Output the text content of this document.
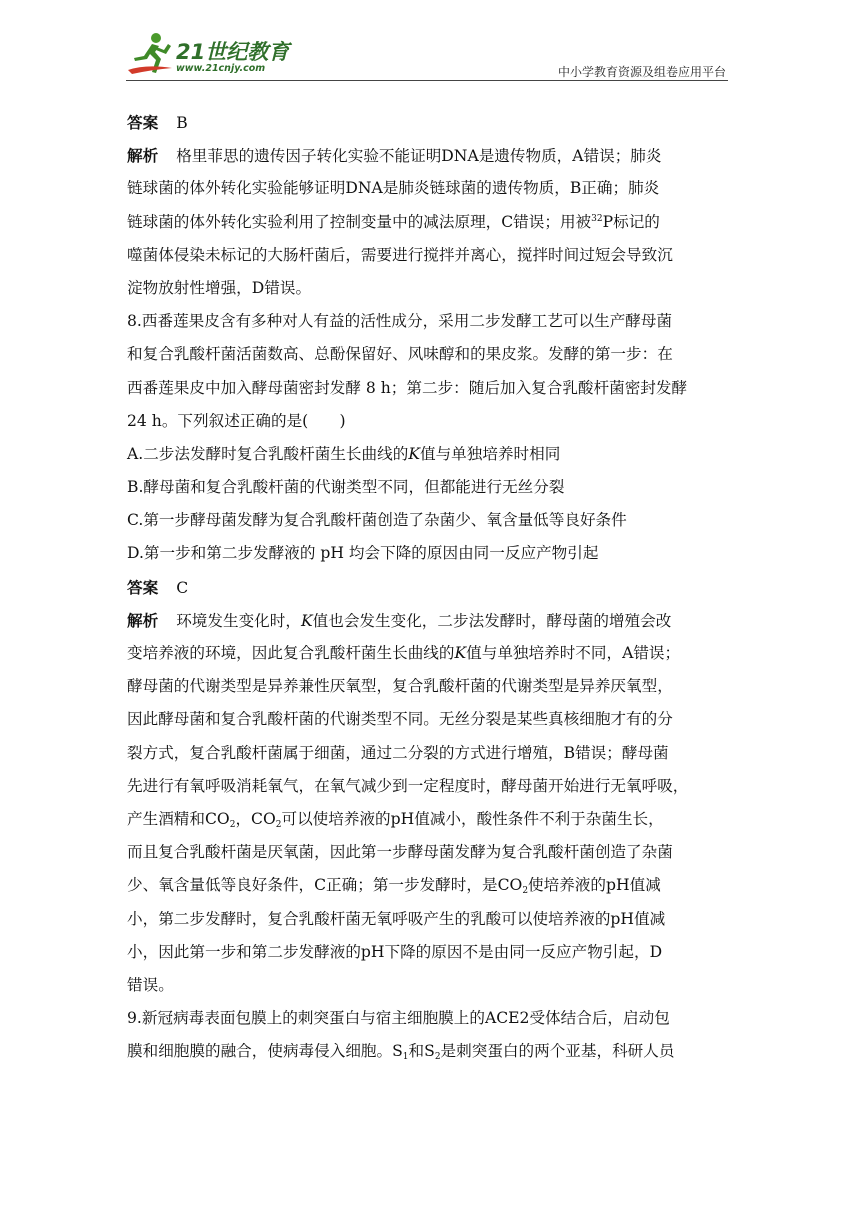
21世纪教育
www.21cnjy.com	中小学教育资源及组卷应用平台
答案 B
解析 格里菲思的遗传因子转化实验不能证明DNA是遗传物质，A错误；肺炎
链球菌的体外转化实验能够证明DNA是肺炎链球菌的遗传物质，B正确；肺炎
链球菌的体外转化实验利用了控制变量中的减法原理，C错误；用被$^{32}$P标记的
噬菌体侵染未标记的大肠杆菌后，需要进行搅拌并离心，搅拌时间过短会导致沉
淀物放射性增强，D错误。
8.西番莲果皮含有多种对人有益的活性成分，采用二步发酵工艺可以生产酵母菌
和复合乳酸杆菌活菌数高、总酚保留好、风味醇和的果皮浆。发酵的第一步：在
西番莲果皮中加入酵母菌密封发酵 8 h；第二步：随后加入复合乳酸杆菌密封发酵
24 h。下列叙述正确的是(　　)
A.二步法发酵时复合乳酸杆菌生长曲线的K值与单独培养时相同
B.酵母菌和复合乳酸杆菌的代谢类型不同，但都能进行无丝分裂
C.第一步酵母菌发酵为复合乳酸杆菌创造了杂菌少、氧含量低等良好条件
D.第一步和第二步发酵液的 pH 均会下降的原因由同一反应产物引起
答案 C
解析 环境发生变化时，K值也会发生变化，二步法发酵时，酵母菌的增殖会改
变培养液的环境，因此复合乳酸杆菌生长曲线的K值与单独培养时不同，A错误；
酵母菌的代谢类型是异养兼性厌氧型，复合乳酸杆菌的代谢类型是异养厌氧型，
因此酵母菌和复合乳酸杆菌的代谢类型不同。无丝分裂是某些真核细胞才有的分
裂方式，复合乳酸杆菌属于细菌，通过二分裂的方式进行增殖，B错误；酵母菌
先进行有氧呼吸消耗氧气，在氧气减少到一定程度时，酵母菌开始进行无氧呼吸，
产生酒精和$CO_2$，$CO_2$可以使培养液的pH值减小，酸性条件不利于杂菌生长，
而且复合乳酸杆菌是厌氧菌，因此第一步酵母菌发酵为复合乳酸杆菌创造了杂菌
少、氧含量低等良好条件，C正确；第一步发酵时，是$CO_2$使培养液的pH值减
小，第二步发酵时，复合乳酸杆菌无氧呼吸产生的乳酸可以使培养液的pH值减
小，因此第一步和第二步发酵液的pH下降的原因不是由同一反应产物引起，D
错误。
9.新冠病毒表面包膜上的刺突蛋白与宿主细胞膜上的ACE2受体结合后，启动包
膜和细胞膜的融合，使病毒侵入细胞。$S_1$和$S_2$是刺突蛋白的两个亚基，科研人员
